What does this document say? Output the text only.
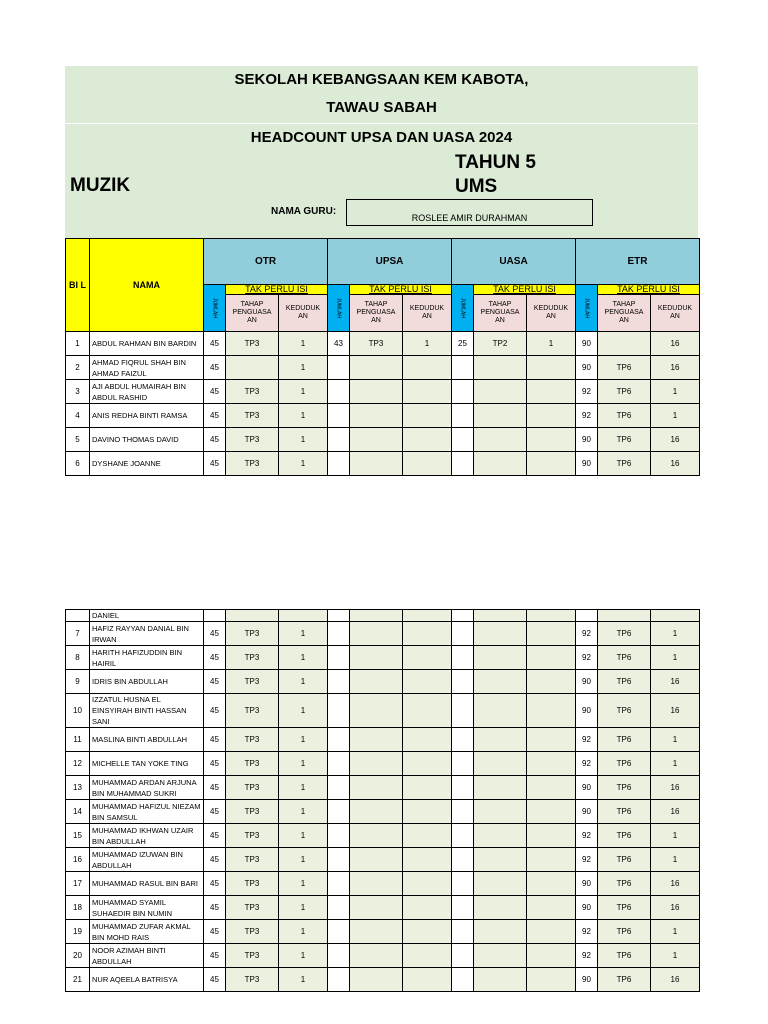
SEKOLAH KEBANGSAAN KEM KABOTA,
TAWAU SABAH
HEADCOUNT UPSA DAN UASA 2024
MUZIK
TAHUN 5
UMS
NAMA GURU:
ROSLEE AMIR DURAHMAN
BI L	NAMA	OTR			UPSA			UASA			ETR		

		JUMLAH	TAK PERLU ISI		JUMLAH	TAK PERLU ISI		JUMLAH	TAK PERLU ISI		JUMLAH	TAK PERLU ISI	
			TAHAP PENGUASA AN	KEDUDUK AN		TAHAP PENGUASA AN	KEDUDUK AN		TAHAP PENGUASA AN	KEDUDUK AN		TAHAP PENGUASA AN	KEDUDUK AN
1	ABDUL RAHMAN BIN BARDIN	45	TP3	1	43	TP3	1	25	TP2	1	90		16
2	AHMAD FIQRUL SHAH BIN AHMAD FAIZUL	45		1							90	TP6	16
3	AJI ABDUL HUMAIRAH BIN ABDUL RASHID	45	TP3	1							92	TP6	1
4	ANIS REDHA BINTI RAMSA	45	TP3	1							92	TP6	1
5	DAVINO THOMAS DAVID	45	TP3	1							90	TP6	16
6	DYSHANE JOANNE	45	TP3	1							90	TP6	16
	DANIEL												
7	HAFIZ RAYYAN DANIAL BIN IRWAN	45	TP3	1							92	TP6	1
8	HARITH HAFIZUDDIN BIN HAIRIL	45	TP3	1							92	TP6	1
9	IDRIS BIN ABDULLAH	45	TP3	1							90	TP6	16
10	IZZATUL HUSNA EL EINSYIRAH BINTI HASSAN SANI	45	TP3	1							90	TP6	16
11	MASLINA BINTI ABDULLAH	45	TP3	1							92	TP6	1
12	MICHELLE TAN YOKE TING	45	TP3	1							92	TP6	1
13	MUHAMMAD ARDAN ARJUNA BIN MUHAMMAD SUKRI	45	TP3	1							90	TP6	16
14	MUHAMMAD HAFIZUL NIEZAM BIN SAMSUL	45	TP3	1							90	TP6	16
15	MUHAMMAD IKHWAN UZAIR BIN ABDULLAH	45	TP3	1							92	TP6	1
16	MUHAMMAD IZUWAN BIN ABDULLAH	45	TP3	1							92	TP6	1
17	MUHAMMAD RASUL BIN BARI	45	TP3	1							90	TP6	16
18	MUHAMMAD SYAMIL SUHAEDIR BIN NUMIN	45	TP3	1							90	TP6	16
19	MUHAMMAD ZUFAR AKMAL BIN MOHD RAIS	45	TP3	1							92	TP6	1
20	NOOR AZIMAH BINTI ABDULLAH	45	TP3	1							92	TP6	1
21	NUR AQEELA BATRISYA	45	TP3	1							90	TP6	16
